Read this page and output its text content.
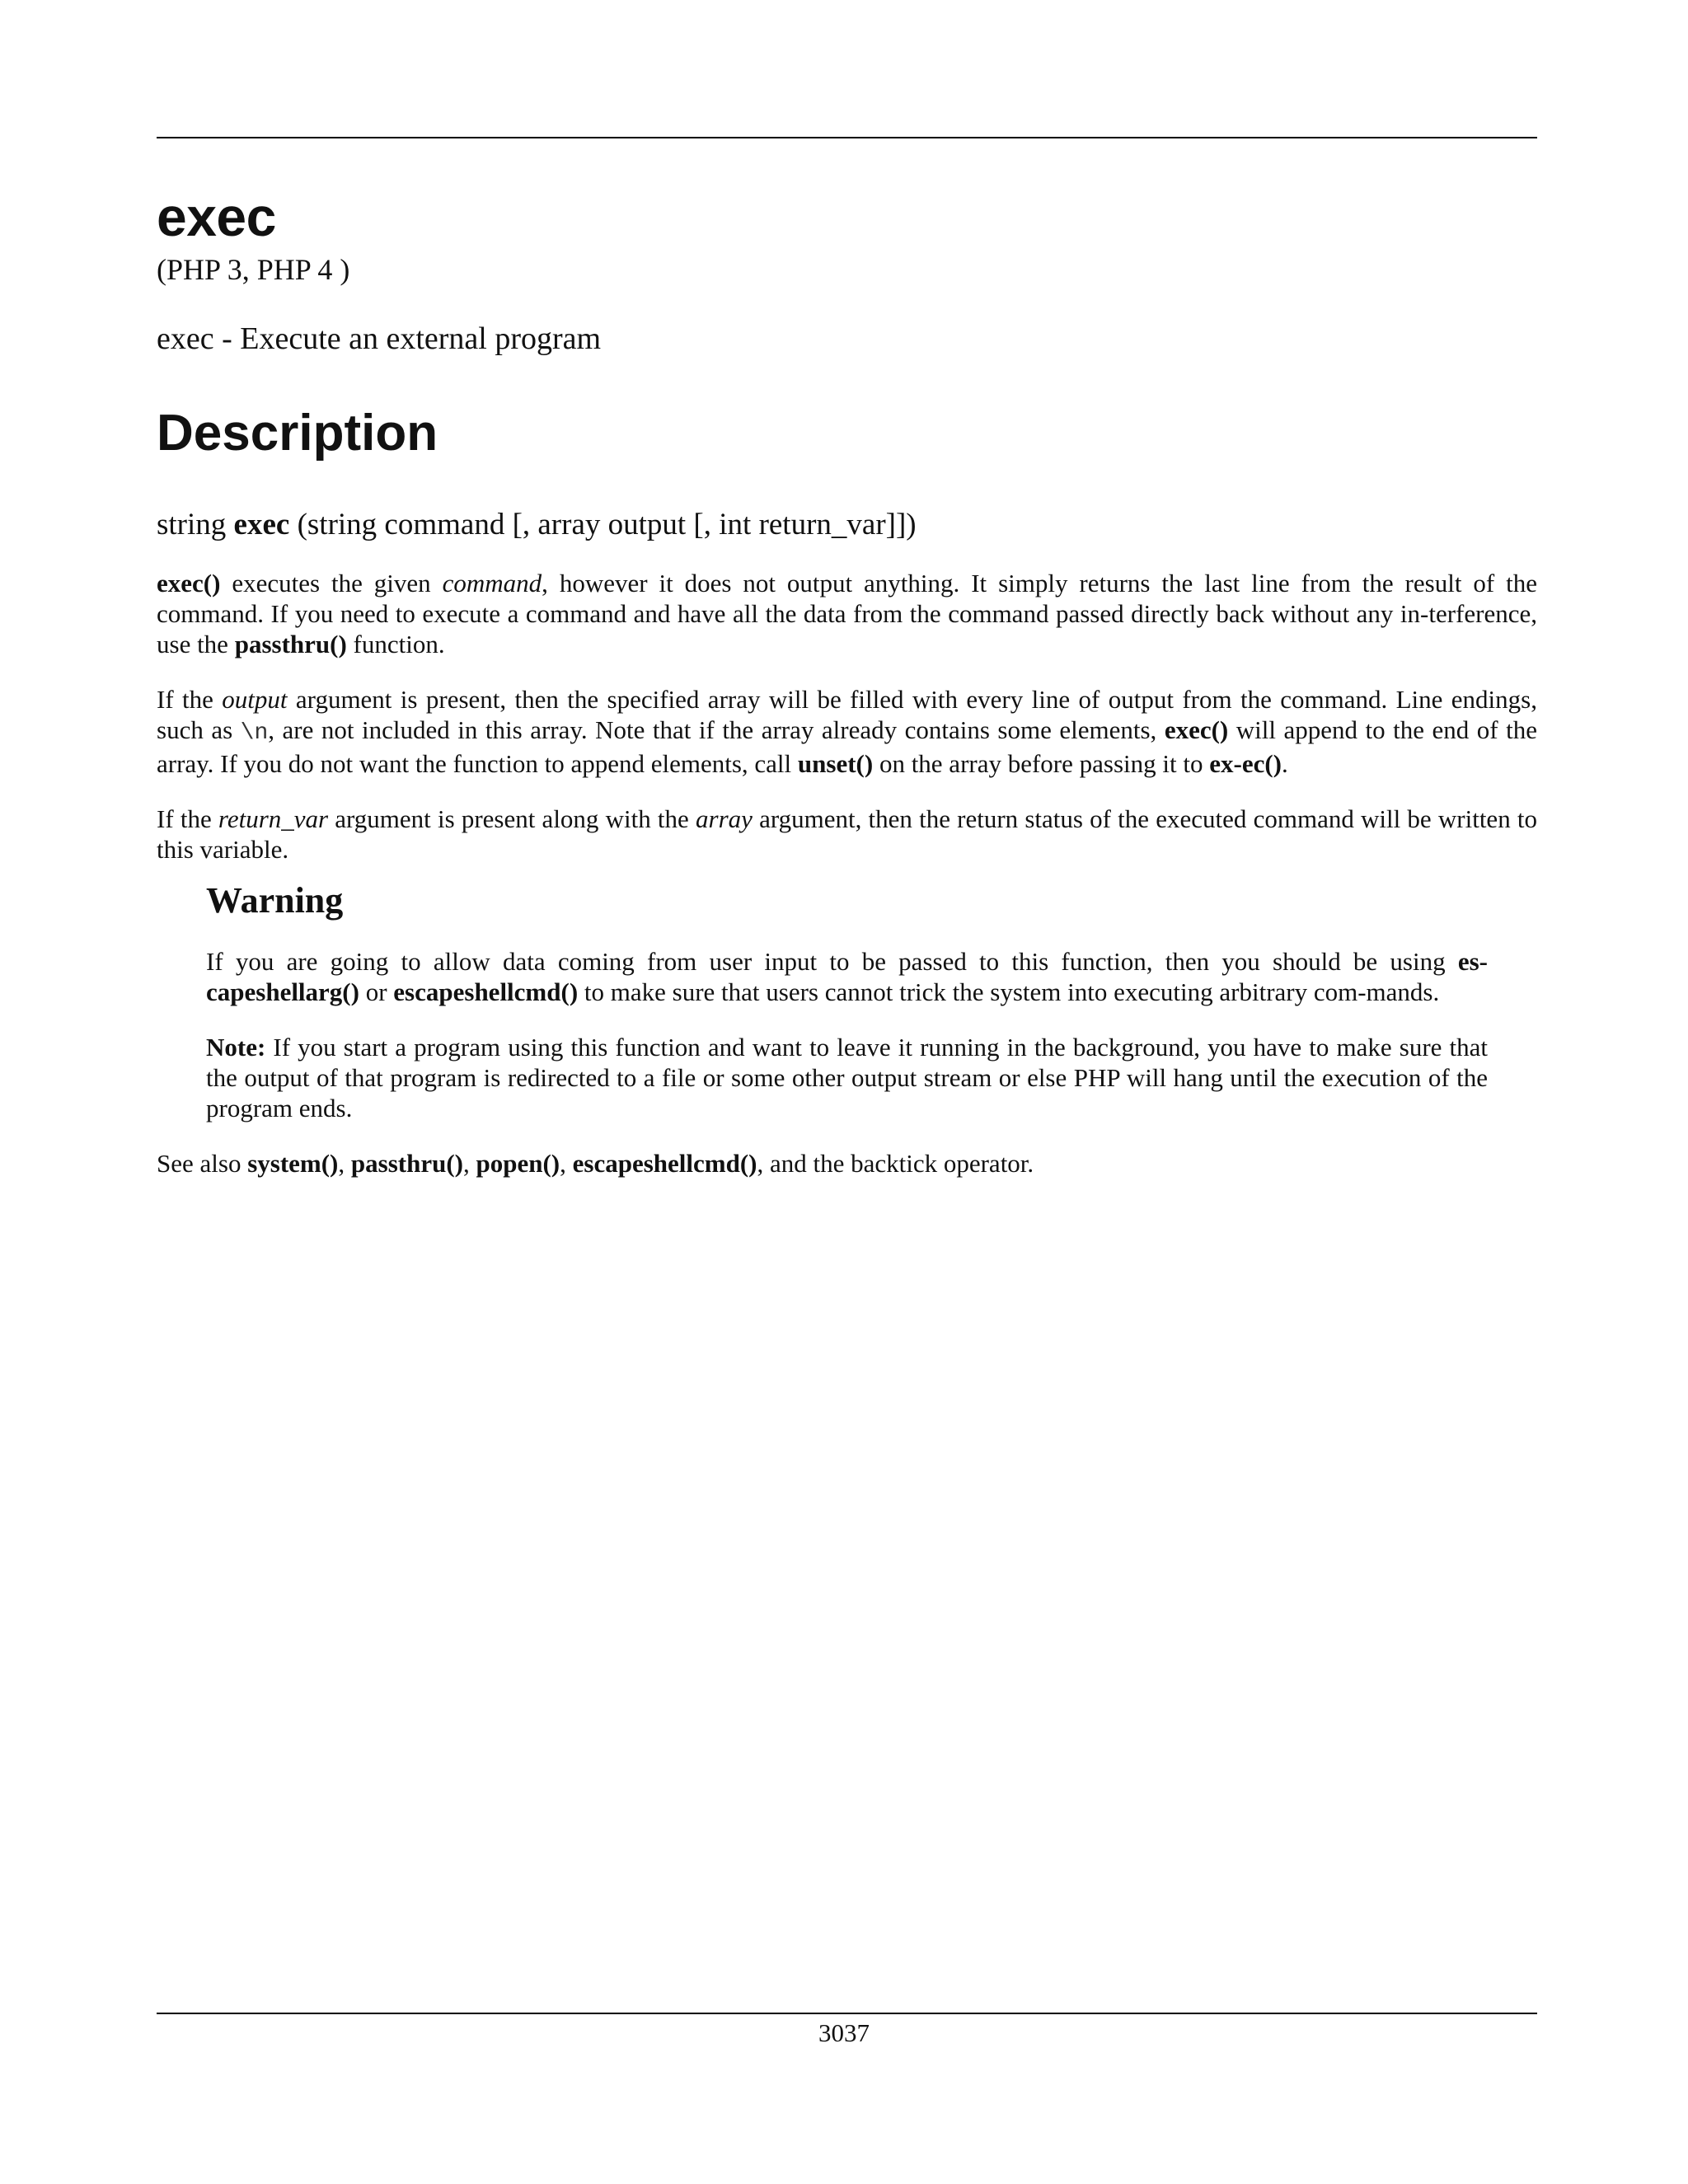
exec
(PHP 3, PHP 4 )
exec - Execute an external program
Description
string exec (string command [, array output [, int return_var]])

exec() executes the given command, however it does not output anything. It simply returns the last line from the result of the command. If you need to execute a command and have all the data from the command passed directly back without any in-terference, use the passthru() function.

If the output argument is present, then the specified array will be filled with every line of output from the command. Line endings, such as \n, are not included in this array. Note that if the array already contains some elements, exec() will append to the end of the array. If you do not want the function to append elements, call unset() on the array before passing it to ex-ec().

If the return_var argument is present along with the array argument, then the return status of the executed command will be written to this variable.

Warning

If you are going to allow data coming from user input to be passed to this function, then you should be using es-capeshellarg() or escapeshellcmd() to make sure that users cannot trick the system into executing arbitrary com-mands.

Note: If you start a program using this function and want to leave it running in the background, you have to make sure that the output of that program is redirected to a file or some other output stream or else PHP will hang until the execution of the program ends.

See also system(), passthru(), popen(), escapeshellcmd(), and the backtick operator.

3037
